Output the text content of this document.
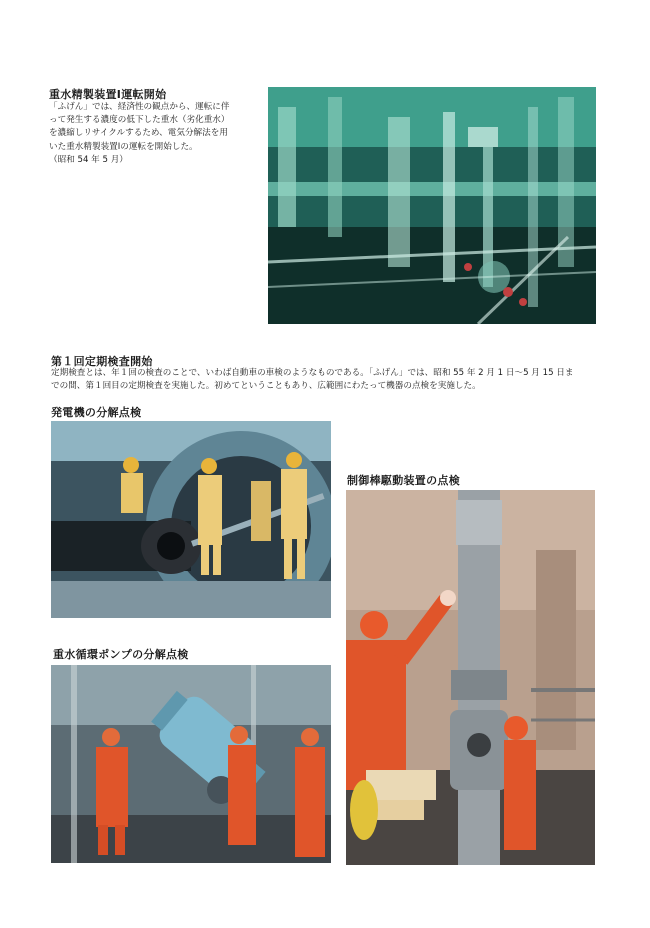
重水精製装置Ⅰ運転開始
「ふげん」では、経済性の観点から、運転に伴
って発生する濃度の低下した重水（劣化重水）
を濃縮しリサイクルするため、電気分解法を用
いた重水精製装置Ⅰの運転を開始した。
（昭和 54 年 5 月）
第１回定期検査開始
定期検査とは、年１回の検査のことで、いわば自動車の車検のようなものである。「ふげん」では、昭和 55 年 2 月 1 日～5 月 15 日ま
での間、第１回目の定期検査を実施した。初めてということもあり、広範囲にわたって機器の点検を実施した。
発電機の分解点検
重水循環ポンプの分解点検
制御棒駆動装置の点検
